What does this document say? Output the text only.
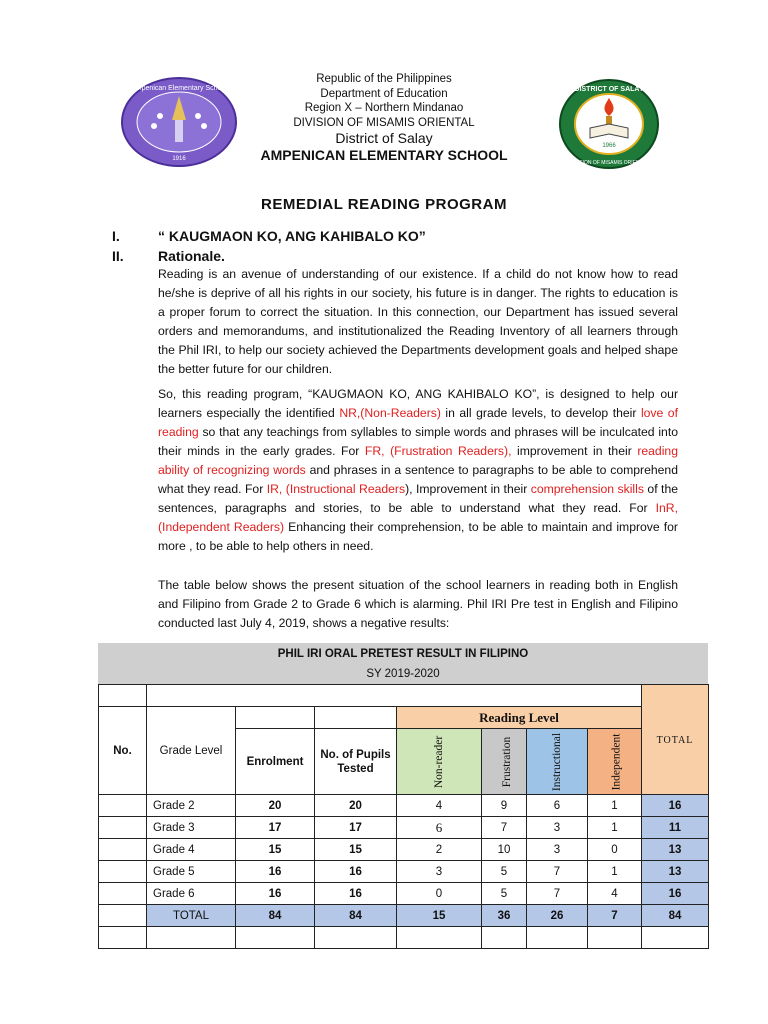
Ampenican Elementary School
1916
DISTRICT OF SALAY
DIVISION OF MISAMIS ORIENTAL
1966
Republic of the Philippines
Department of Education
Region X – Northern Mindanao
DIVISION OF MISAMIS ORIENTAL
District of Salay
AMPENICAN ELEMENTARY SCHOOL
REMEDIAL READING PROGRAM
I.	“ KAUGMAON KO, ANG KAHIBALO KO”
II. Rationale.
Reading is an avenue of understanding of our existence. If a child do not know how to read he/she is deprive of all his rights in our society, his future is in danger. The rights to education is a proper forum to correct the situation. In this connection, our Department has issued several orders and memorandums, and institutionalized the Reading Inventory of all learners through the Phil IRI, to help our society achieved the Departments development goals and helped shape the better future for our children.
So, this reading program, “KAUGMAON KO, ANG KAHIBALO KO”, is designed to help our learners especially the identified NR,(Non-Readers) in all grade levels, to develop their love of reading so that any teachings from syllables to simple words and phrases will be inculcated into their minds in the early grades. For FR, (Frustration Readers), improvement in their reading ability of recognizing words and phrases in a sentence to paragraphs to be able to comprehend what they read. For IR, (Instructional Readers), Improvement in their comprehension skills of the sentences, paragraphs and stories, to be able to understand what they read. For InR, (Independent Readers) Enhancing their comprehension, to be able to maintain and improve for more , to be able to help others in need.
The table below shows the present situation of the school learners in reading both in English and Filipino from Grade 2 to Grade 6 which is alarming. Phil IRI Pre test in English and Filipino conducted last July 4, 2019, shows a negative results:
PHIL IRI ORAL PRETEST RESULT IN FILIPINO
SY 2019-2020
								TOTAL
No.	Grade Level			Reading Level				
		Enrolment	No. of Pupils Tested	Non-reader	Frustration	Instructional	Independent	
	Grade 2	20	20	4	9	6	1	16
	Grade 3	17	17	6	7	3	1	11
	Grade 4	15	15	2	10	3	0	13
	Grade 5	16	16	3	5	7	1	13
	Grade 6	16	16	0	5	7	4	16
	TOTAL	84	84	15	36	26	7	84
